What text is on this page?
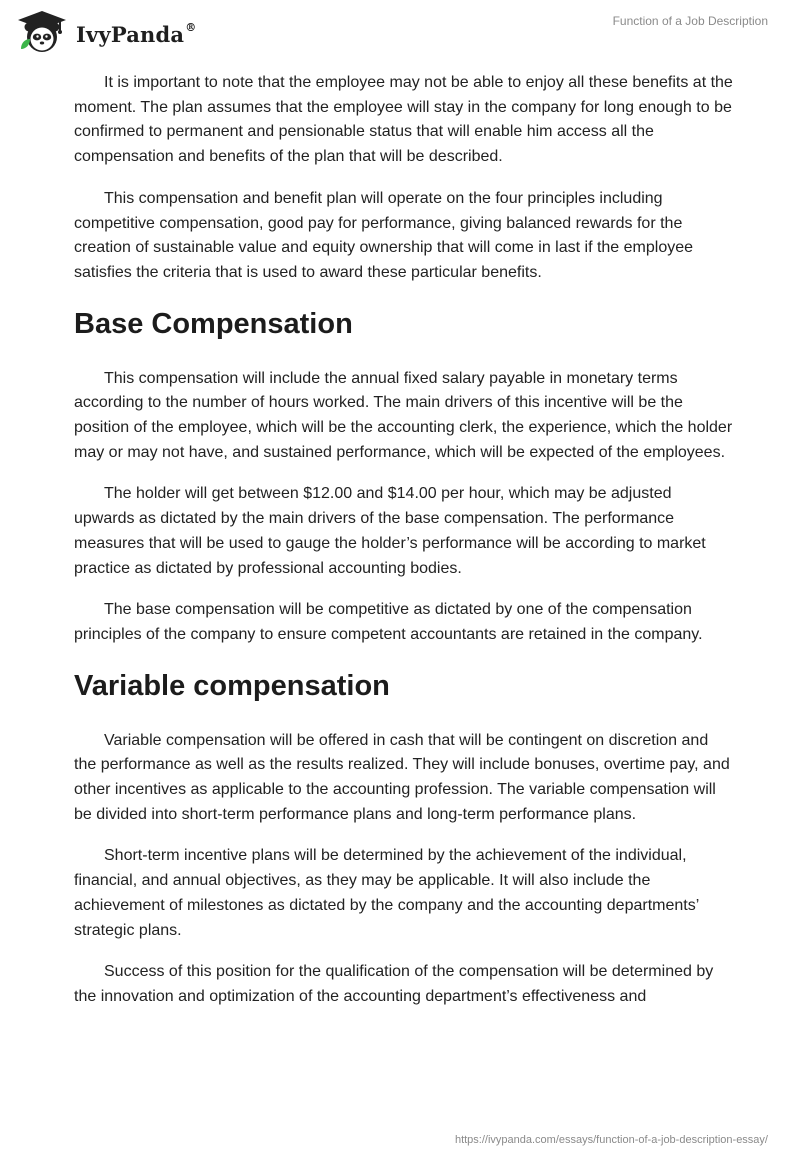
IvyPanda®	Function of a Job Description

It is important to note that the employee may not be able to enjoy all these benefits at the moment. The plan assumes that the employee will stay in the company for long enough to be confirmed to permanent and pensionable status that will enable him access all the compensation and benefits of the plan that will be described.

This compensation and benefit plan will operate on the four principles including competitive compensation, good pay for performance, giving balanced rewards for the creation of sustainable value and equity ownership that will come in last if the employee satisfies the criteria that is used to award these particular benefits.

Base Compensation

This compensation will include the annual fixed salary payable in monetary terms according to the number of hours worked. The main drivers of this incentive will be the position of the employee, which will be the accounting clerk, the experience, which the holder may or may not have, and sustained performance, which will be expected of the employees.

The holder will get between $12.00 and $14.00 per hour, which may be adjusted upwards as dictated by the main drivers of the base compensation. The performance measures that will be used to gauge the holder’s performance will be according to market practice as dictated by professional accounting bodies.

The base compensation will be competitive as dictated by one of the compensation principles of the company to ensure competent accountants are retained in the company.

Variable compensation

Variable compensation will be offered in cash that will be contingent on discretion and the performance as well as the results realized. They will include bonuses, overtime pay, and other incentives as applicable to the accounting profession. The variable compensation will be divided into short-term performance plans and long-term performance plans.

Short-term incentive plans will be determined by the achievement of the individual, financial, and annual objectives, as they may be applicable. It will also include the achievement of milestones as dictated by the company and the accounting departments’ strategic plans.

Success of this position for the qualification of the compensation will be determined by the innovation and optimization of the accounting department’s effectiveness and

https://ivypanda.com/essays/function-of-a-job-description-essay/
